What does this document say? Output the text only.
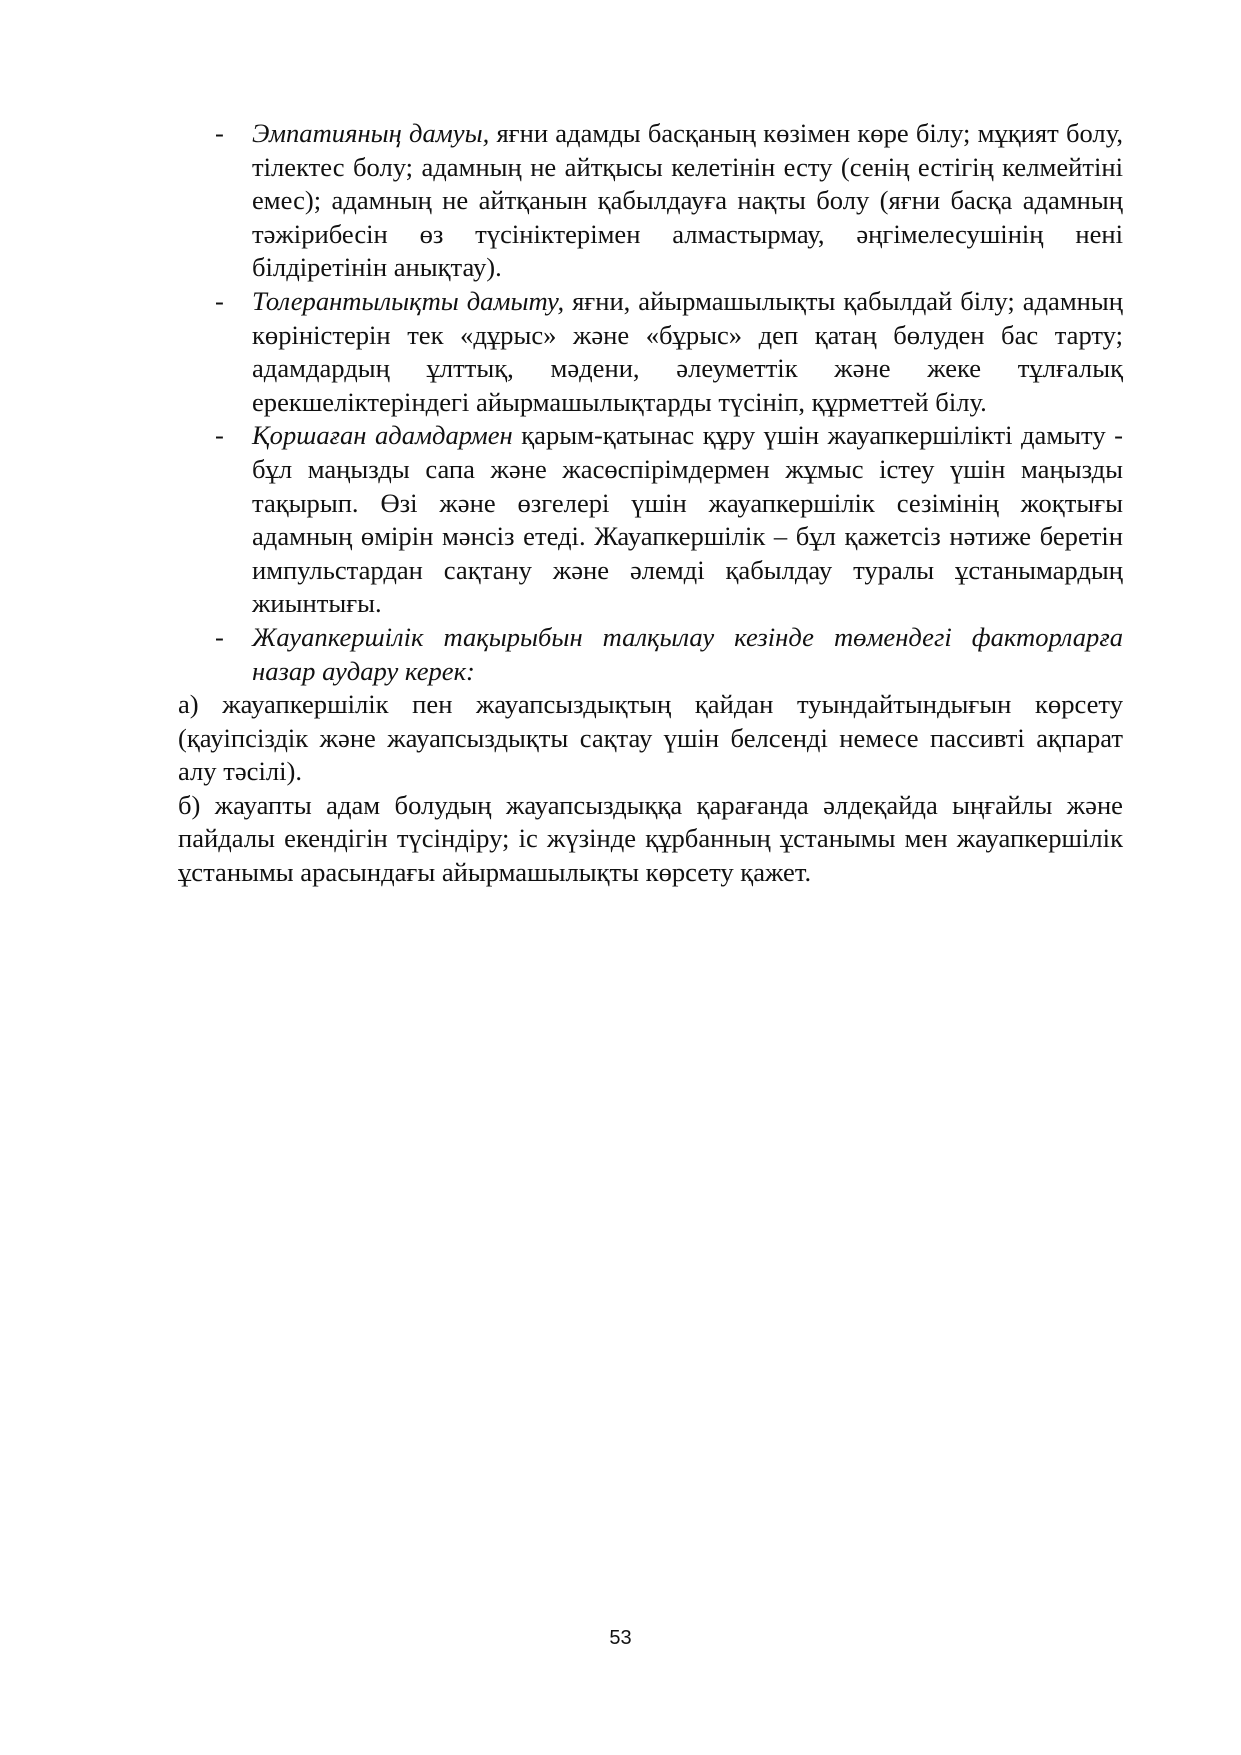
- Эмпатияның дамуы, яғни адамды басқаның көзімен көре білу; мұқият болу, тілектес болу; адамның не айтқысы келетінін есту (сенің естігің келмейтіні емес); адамның не айтқанын қабылдауға нақты болу (яғни басқа адамның тәжірибесін өз түсініктерімен алмастырмау, әңгімелесушінің нені білдіретінін анықтау).
- Толерантылықты дамыту, яғни, айырмашылықты қабылдай білу; адамның көріністерін тек «дұрыс» және «бұрыс» деп қатаң бөлуден бас тарту; адамдардың ұлттық, мәдени, әлеуметтік және жеке тұлғалық ерекшеліктеріндегі айырмашылықтарды түсініп, құрметтей білу.
- Қоршаған адамдармен қарым-қатынас құру үшін жауапкершілікті дамыту - бұл маңызды сапа және жасөспірімдермен жұмыс істеу үшін маңызды тақырып. Өзі және өзгелері үшін жауапкершілік сезімінің жоқтығы адамның өмірін мәнсіз етеді. Жауапкершілік – бұл қажетсіз нәтиже беретін импульстардан сақтану және әлемді қабылдау туралы ұстанымардың жиынтығы.
- Жауапкершілік тақырыбын талқылау кезінде төмендегі факторларға назар аудару керек:
а) жауапкершілік пен жауапсыздықтың қайдан туындайтындығын көрсету (қауіпсіздік және жауапсыздықты сақтау үшін белсенді немесе пассивті ақпарат алу тәсілі).
б) жауапты адам болудың жауапсыздыққа қарағанда әлдеқайда ыңғайлы және пайдалы екендігін түсіндіру; іс жүзінде құрбанның ұстанымы мен жауапкершілік ұстанымы арасындағы айырмашылықты көрсету қажет.
53
